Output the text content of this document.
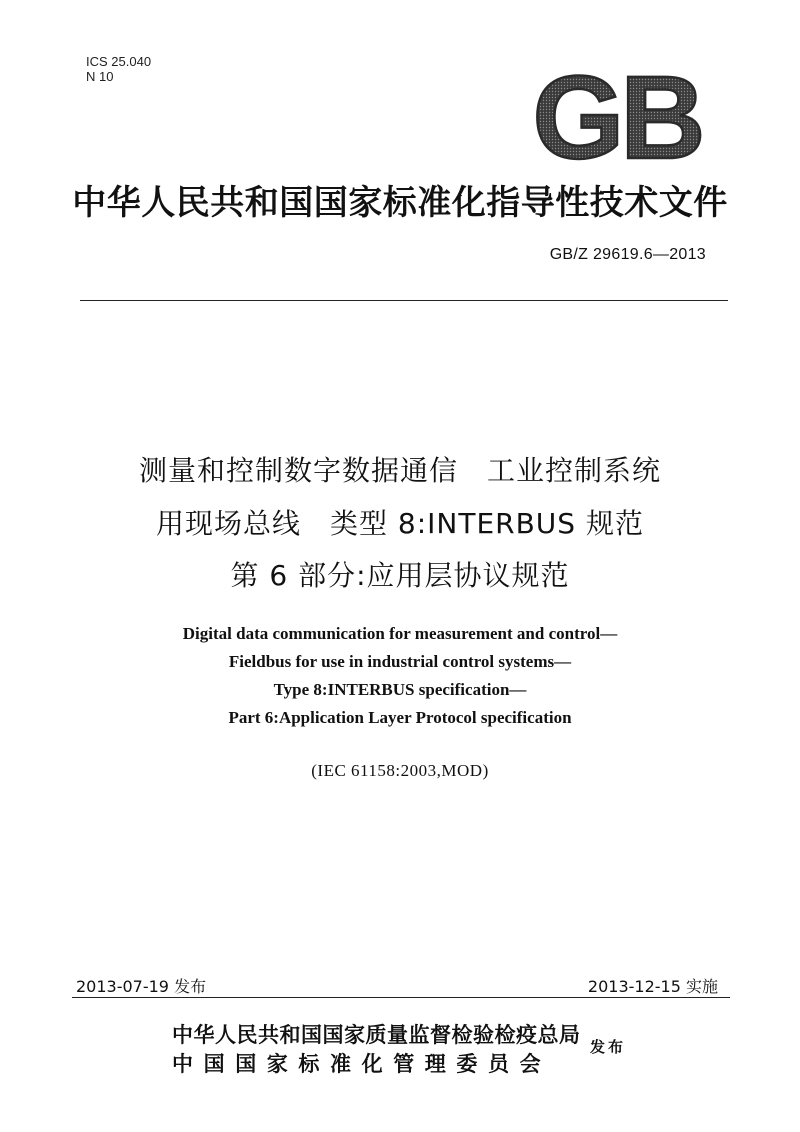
ICS 25.040
N 10	GB
中华人民共和国国家标准化指导性技术文件
GB/Z 29619.6—2013
测量和控制数字数据通信　工业控制系统
用现场总线　类型 8:INTERBUS 规范
第 6 部分:应用层协议规范
Digital data communication for measurement and control—
Fieldbus for use in industrial control systems—
Type 8:INTERBUS specification—
Part 6:Application Layer Protocol specification
(IEC 61158:2003,MOD)
2013-07-19 发布	2013-12-15 实施
中华人民共和国国家质量监督检验检疫总局
中国国家标准化管理委员会
发布
